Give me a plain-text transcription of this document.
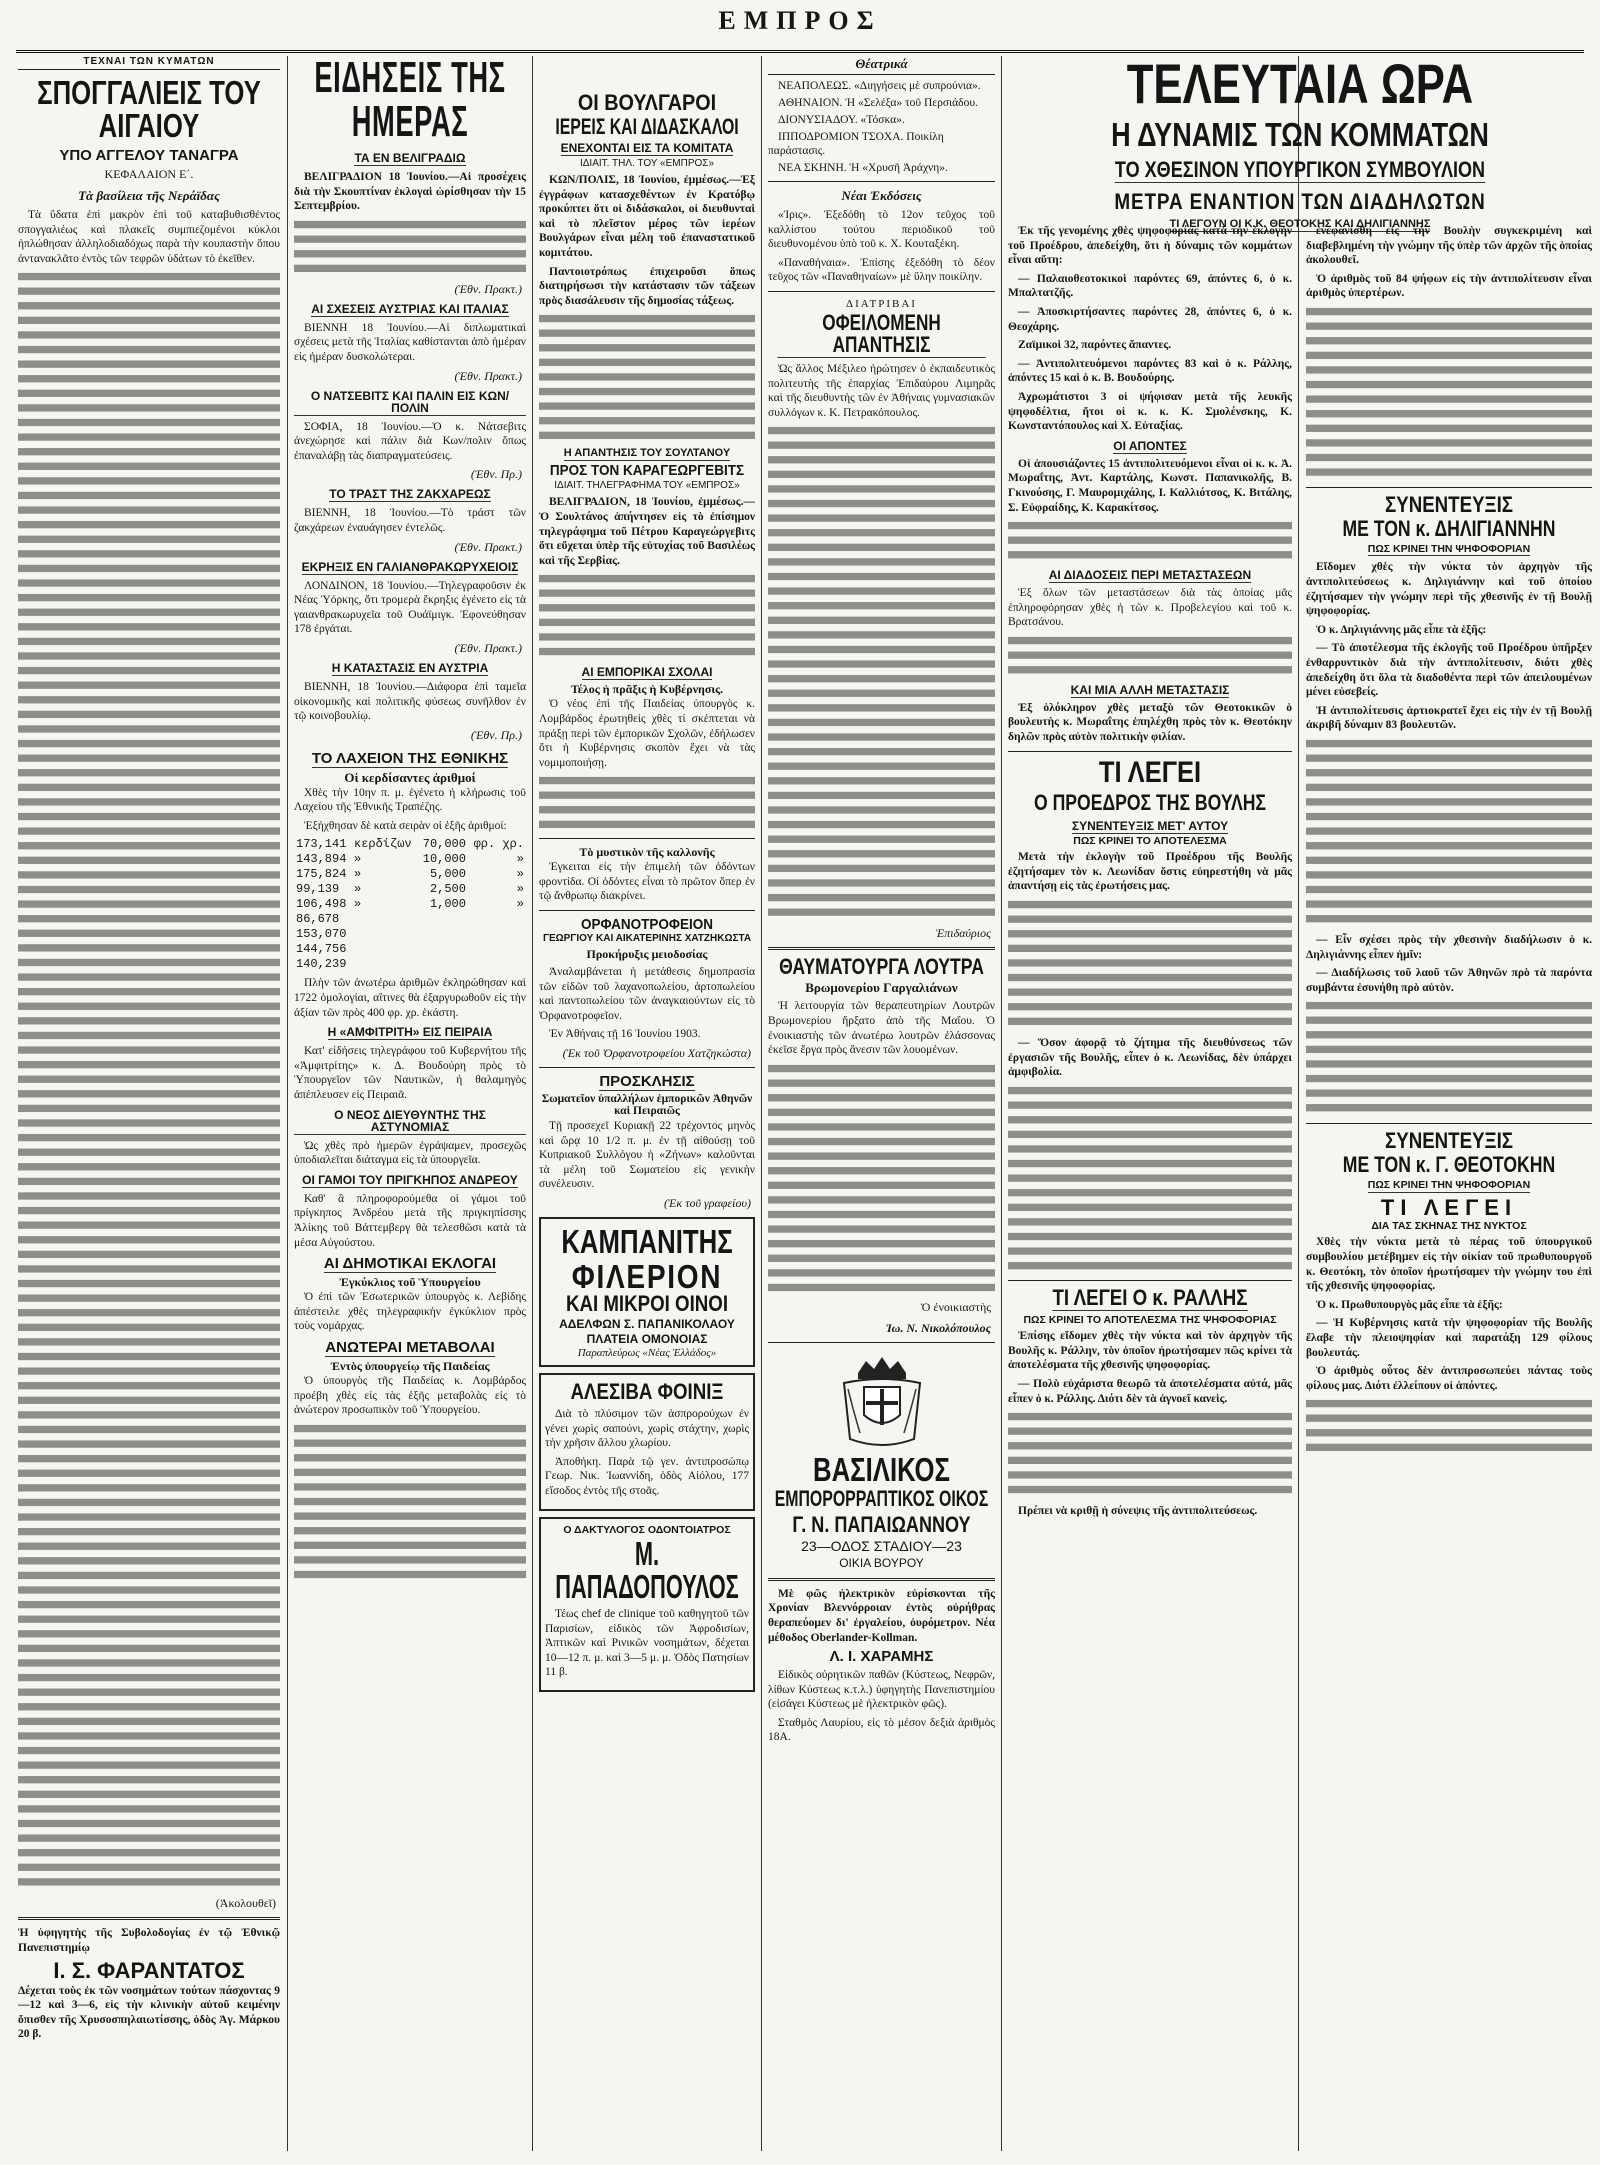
ΕΜΠΡΟΣ
ΤΕΧΝΑΙ ΤΩΝ ΚΥΜΑΤΩΝ
ΣΠΟΓΓΑΛΙΕΙΣ ΤΟΥ ΑΙΓΑΙΟΥ
ΥΠΟ ΑΓΓΕΛΟΥ ΤΑΝΑΓΡΑ
ΚΕΦΑΛΑΙΟΝ Ε΄.
Τὰ βασίλεια τῆς Νεράϊδας

Τὰ ὕδατα ἐπὶ μακρὸν ἐπὶ τοῦ καταβυθισθέντος σπογγαλιέως καὶ πλακεῖς συμπιεζομένοι κύκλοι ἠπλώθησαν ἀλληλοδιαδόχως παρὰ τὴν κουπαστὴν ὅπου ἀντανακλᾶτο ἐντὸς τῶν τεφρῶν ὑδάτων τὸ ἐκεῖθεν.

(Ἀκολουθεῖ)

Ἡ ὑφηγητὴς τῆς Συβολοδογίας ἐν τῷ Ἐθνικῷ Πανεπιστημίῳ

Ι. Σ. ΦΑΡΑΝΤΑΤΟΣ

Δέχεται τοὺς ἐκ τῶν νοσημάτων τούτων πάσχοντας 9—12 καὶ 3—6, εἰς τὴν κλινικὴν αὐτοῦ κειμένην ὄπισθεν τῆς Χρυσοσπηλαιωτίσσης, ὁδὸς Ἁγ. Μάρκου 20 β.

ΕΙΔΗΣΕΙΣ ΤΗΣ ΗΜΕΡΑΣ
ΤΑ ΕΝ ΒΕΛΙΓΡΑΔΙΩ

ΒΕΛΙΓΡΑΔΙΟΝ 18 Ἰουνίου.—Αἱ προσέχεις διὰ τὴν Σκουπτίναν ἐκλογαὶ ὡρίσθησαν τὴν 15 Σεπτεμβρίου.

(Ἐθν. Πρακτ.)
ΑΙ ΣΧΕΣΕΙΣ ΑΥΣΤΡΙΑΣ ΚΑΙ ΙΤΑΛΙΑΣ

ΒΙΕΝΝΗ 18 Ἰουνίου.—Αἱ διπλωματικαὶ σχέσεις μετὰ τῆς Ἰταλίας καθίστανται ἀπὸ ἡμέραν εἰς ἡμέραν δυσκολώτεραι.

(Ἐθν. Πρακτ.)
Ο ΝΑΤΣΕΒΙΤΣ ΚΑΙ ΠΑΛΙΝ ΕΙΣ ΚΩΝ/ΠΟΛΙΝ

ΣΟΦΙΑ, 18 Ἰουνίου.—Ὁ κ. Νάτσεβιτς ἀνεχώρησε καὶ πάλιν διὰ Κων/πολιν ὅπως ἐπαναλάβῃ τὰς διαπραγματεύσεις.

(Ἐθν. Πρ.)
ΤΟ ΤΡΑΣΤ ΤΗΣ ΖΑΚΧΑΡΕΩΣ

ΒΙΕΝΝΗ, 18 Ἰουνίου.—Τὸ τράστ τῶν ζακχάρεων ἐναυάγησεν ἐντελῶς.

(Ἐθν. Πρακτ.)
ΕΚΡΗΞΙΣ ΕΝ ΓΑΛΙΑΝΘΡΑΚΩΡΥΧΕΙΟΙΣ

ΛΟΝΔΙΝΟΝ, 18 Ἰουνίου.—Τηλεγραφοῦσιν ἐκ Νέας Ὑόρκης, ὅτι τρομερὰ ἔκρηξις ἐγένετο εἰς τὰ γαιανθρακωρυχεῖα τοῦ Ουάϊμιγκ. Ἐφονεύθησαν 178 ἐργάται.

(Ἐθν. Πρακτ.)
Η ΚΑΤΑΣΤΑΣΙΣ ΕΝ ΑΥΣΤΡΙΑ

ΒΙΕΝΝΗ, 18 Ἰουνίου.—Διάφορα ἐπὶ ταμεῖα οἰκονομικῆς καὶ πολιτικῆς φύσεως συνῆλθον ἐν τῷ κοινοβουλίῳ.

(Ἐθν. Πρ.)
ΤΟ ΛΑΧΕΙΟΝ ΤΗΣ ΕΘΝΙΚΗΣ
Οἱ κερδίσαντες ἀριθμοί

Χθὲς τὴν 10ην π. μ. ἐγένετο ἡ κλήρωσις τοῦ Λαχείου τῆς Ἐθνικῆς Τραπέζης.

Ἐξήχθησαν δὲ κατὰ σειρὰν οἱ ἑξῆς ἀριθμοί:

173,141	κερδίζων	70,000	φρ. χρ.
143,894	»	10,000	»
175,824	»	5,000	»
99,139	»	2,500	»
106,498	»	1,000	»
86,678			
153,070			
144,756			
140,239			

Πλὴν τῶν ἀνωτέρω ἀριθμῶν ἐκληρώθησαν καὶ 1722 ὁμολογίαι, αἵτινες θὰ ἐξαργυρωθοῦν εἰς τὴν ἀξίαν τῶν πρὸς 400 φρ. χρ. ἑκάστη.

Η «ΑΜΦΙΤΡΙΤΗ» ΕΙΣ ΠΕΙΡΑΙΑ

Κατ' εἰδήσεις τηλεγράφου τοῦ Κυβερνήτου τῆς «Ἀμφιτρίτης» κ. Δ. Βουδούρη πρὸς τὸ Ὑπουργεῖον τῶν Ναυτικῶν, ἡ θαλαμηγὸς ἀπέπλευσεν εἰς Πειραιᾶ.

Ο ΝΕΟΣ ΔΙΕΥΘΥΝΤΗΣ ΤΗΣ ΑΣΤΥΝΟΜΙΑΣ

Ὡς χθὲς πρὸ ἡμερῶν ἐγράψαμεν, προσεχῶς ὑποδιαλεῖται διάταγμα εἰς τὰ ὑπουργεῖα.

ΟΙ ΓΑΜΟΙ ΤΟΥ ΠΡΙΓΚΗΠΟΣ ΑΝΔΡΕΟΥ

Καθ' ἃ πληροφορούμεθα οἱ γάμοι τοῦ πρίγκηπος Ἀνδρέου μετὰ τῆς πριγκηπίσσης Ἀλίκης τοῦ Βάττεμβεργ θὰ τελεσθῶσι κατὰ τὰ μέσα Αὐγούστου.

ΑΙ ΔΗΜΟΤΙΚΑΙ ΕΚΛΟΓΑΙ
Ἐγκύκλιος τοῦ Ὑπουργείου

Ὁ ἐπὶ τῶν Ἐσωτερικῶν ὑπουργὸς κ. Λεβίδης ἀπέστειλε χθὲς τηλεγραφικὴν ἐγκύκλιον πρὸς τοὺς νομάρχας.

ΑΝΩΤΕΡΑΙ ΜΕΤΑΒΟΛΑΙ
Ἐντὸς ὑπουργείῳ τῆς Παιδείας

Ὁ ὑπουργὸς τῆς Παιδείας κ. Λομβάρδος προέβη χθὲς εἰς τὰς ἑξῆς μεταβολὰς εἰς τὸ ἀνώτερον προσωπικὸν τοῦ Ὑπουργείου.

ΟΙ ΒΟΥΛΓΑΡΟΙ
ΙΕΡΕΙΣ ΚΑΙ ΔΙΔΑΣΚΑΛΟΙ
ΕΝΕΧΟΝΤΑΙ ΕΙΣ ΤΑ ΚΟΜΙΤΑΤΑ
ΙΔΙΑΙΤ. ΤΗΛ. ΤΟΥ «ΕΜΠΡΟΣ»

ΚΩΝ/ΠΟΛΙΣ, 18 Ἰουνίου, ἐμμέσως.—Ἐξ ἐγγράφων κατασχεθέντων ἐν Κρατόβῳ προκύπτει ὅτι οἱ διδάσκαλοι, οἱ διευθυνταὶ καὶ τὸ πλεῖστον μέρος τῶν ἱερέων Βουλγάρων εἶναι μέλη τοῦ ἐπαναστατικοῦ κομιτάτου.

Παντοιοτρόπως ἐπιχειροῦσι ὅπως διατηρήσωσι τὴν κατάστασιν τῶν τάξεων πρὸς διασάλευσιν τῆς δημοσίας τάξεως.

Η ΑΠΑΝΤΗΣΙΣ ΤΟΥ ΣΟΥΛΤΑΝΟΥ
ΠΡΟΣ ΤΟΝ ΚΑΡΑΓΕΩΡΓΕΒΙΤΣ
ΙΔΙΑΙΤ. ΤΗΛΕΓΡΑΦΗΜΑ ΤΟΥ «ΕΜΠΡΟΣ»

ΒΕΛΙΓΡΑΔΙΟΝ, 18 Ἰουνίου, ἐμμέσως.—Ὁ Σουλτάνος ἀπήντησεν εἰς τὸ ἐπίσημον τηλεγράφημα τοῦ Πέτρου Καραγεώργεβιτς ὅτι εὔχεται ὑπὲρ τῆς εὐτυχίας τοῦ Βασιλέως καὶ τῆς Σερβίας.

ΑΙ ΕΜΠΟΡΙΚΑΙ ΣΧΟΛΑΙ
Τέλος ἡ πρᾶξις ἡ Κυβέρνησις.

Ὁ νέος ἐπὶ τῆς Παιδείας ὑπουργὸς κ. Λομβάρδος ἐρωτηθεὶς χθὲς τί σκέπτεται νὰ πράξῃ περὶ τῶν ἐμπορικῶν Σχολῶν, ἐδήλωσεν ὅτι ἡ Κυβέρνησις σκοπὸν ἔχει νὰ τὰς νομιμοποιήσῃ.

Τὸ μυστικὸν τῆς καλλονῆς

Ἐγκειται εἰς τὴν ἐπιμελὴ τῶν ὀδόντων φροντίδα. Οἱ ὀδόντες εἶναι τὸ πρῶτον ὅπερ ἐν τῷ ἄνθρωπῳ διακρίνει.

ΟΡΦΑΝΟΤΡΟΦΕΙΟΝ
ΓΕΩΡΓΙΟΥ ΚΑΙ ΑΙΚΑΤΕΡΙΝΗΣ ΧΑΤΖΗΚΩΣΤΑ
Προκήρυξις μειοδοσίας

Ἀναλαμβάνεται ἡ μετάθεσις δημοπρασία τῶν εἰδῶν τοῦ λαχανοπωλείου, ἀρτοπωλείου καὶ παντοπωλείου τῶν ἀναγκαιούντων εἰς τὸ Ὀρφανοτροφεῖον.

Ἐν Ἀθήναις τῇ 16 Ἰουνίου 1903.

(Ἐκ τοῦ Ὀρφανοτροφείου Χατζηκώστα)
ΠΡΟΣΚΛΗΣΙΣ
Σωματεῖον ὑπαλλήλων ἐμπορικῶν Ἀθηνῶν καὶ Πειραιῶς

Τῇ προσεχεῖ Κυριακῇ 22 τρέχοντος μηνὸς καὶ ὥρᾳ 10 1/2 π. μ. ἐν τῇ αἰθούσῃ τοῦ Κυπριακοῦ Συλλόγου ἡ «Ζήνων» καλοῦνται τὰ μέλη τοῦ Σωματείου εἰς γενικὴν συνέλευσιν.

(Ἐκ τοῦ γραφείου)
ΚΑΜΠΑΝΙΤΗΣ
ΦΙΛΕΡΙΟΝ
ΚΑΙ ΜΙΚΡΟΙ ΟΙΝΟΙ
ΑΔΕΛΦΩΝ Σ. ΠΑΠΑΝΙΚΟΛΑΟΥ
ΠΛΑΤΕΙΑ ΟΜΟΝΟΙΑΣ
Παραπλεύρως «Νέας Ἑλλάδος»
ΑΛΕΣΙΒΑ ΦΟΙΝΙΞ

Διὰ τὸ πλύσιμον τῶν ἀσπρορούχων ἐν γένει χωρὶς σαπούνι, χωρὶς στάχτην, χωρὶς τὴν χρῆσιν ἄλλου χλωρίου.

Ἀποθήκη. Παρὰ τῷ γεν. ἀντιπροσώπῳ Γεωρ. Νικ. Ἰωαννίδη, ὁδὸς Αἰόλου, 177 εἴσοδος ἐντὸς τῆς στοᾶς.

Ο ΔΑΚΤΥΛΟΓΟΣ ΟΔΟΝΤΟΙΑΤΡΟΣ
Μ. ΠΑΠΑΔΟΠΟΥΛΟΣ

Τέως chef de clinique τοῦ καθηγητοῦ τῶν Παρισίων, εἰδικὸς τῶν Ἀφροδισίων, Ἀπτικῶν καὶ Ρινικῶν νοσημάτων, δέχεται 10—12 π. μ. καὶ 3—5 μ. μ. Ὁδὸς Πατησίων 11 β.

Θέατρικά

ΝΕΑΠΟΛΕΩΣ. «Διηγήσεις μὲ συπρούνια».

ΑΘΗΝΑΙΟΝ. Ἡ «Σελέξα» τοῦ Περσιάδου.

ΔΙΟΝΥΣΙΑΔΟΥ. «Τόσκα».

ΙΠΠΟΔΡΟΜΙΟΝ ΤΣΟΧΑ. Ποικίλη παράστασις.

ΝΕΑ ΣΚΗΝΗ. Ἡ «Χρυσῆ Ἀράχνη».

Νέαι Ἐκδόσεις

«Ἰρις». Ἐξεδόθη τὸ 12ον τεῦχος τοῦ καλλίστου τούτου περιοδικοῦ τοῦ διευθυνομένου ὑπὸ τοῦ κ. Χ. Κουταξέκη.

«Παναθήναια». Ἐπίσης ἐξεδόθη τὸ δέον τεῦχος τῶν «Παναθηναίων» μὲ ὕλην ποικίλην.

ΔΙΑΤΡΙΒΑΙ
ΟΦΕΙΛΟΜΕΝΗ ΑΠΑΝΤΗΣΙΣ

Ὡς ἄλλος Μέξιλεο ἠρώτησεν ὁ ἐκπαιδευτικὸς πολιτευτὴς τῆς ἐπαρχίας Ἐπιδαύρου Λιμηρᾶς καὶ τῆς διευθυντὴς τῶν ἐν Ἀθήναις γυμνασιακῶν συλλόγων κ. Κ. Πετρακόπουλος.

Ἐπιδαύριος
ΘΑΥΜΑΤΟΥΡΓΑ ΛΟΥΤΡΑ
Βρωμονερίου Γαργαλιάνων

Ἡ λειτουργία τῶν θεραπευτηρίων Λουτρῶν Βρωμονερίου ἤρξατο ἀπὸ τῆς Μαΐου. Ὁ ἐνοικιαστὴς τῶν ἀνωτέρω λουτρῶν ἐλάσσονας ἐκεῖσε ἔργα πρὸς ἄνεσιν τῶν λουομένων.

Ὁ ἐνοικιαστὴς
Ἰω. Ν. Νικολόπουλος
ΒΑΣΙΛΙΚΟΣ
ΕΜΠΟΡΟΡΡΑΠΤΙΚΟΣ ΟΙΚΟΣ
Γ. Ν. ΠΑΠΑΙΩΑΝΝΟΥ
23—ΟΔΟΣ ΣΤΑΔΙΟΥ—23
ΟΙΚΙΑ ΒΟΥΡΟΥ

Μὲ φῶς ἠλεκτρικὸν εὑρίσκονται τῆς Χρονίαν Βλεννόρροιαν ἐντὸς οὐρήθρας θεραπεύομεν δι' ἐργαλείου, ὀυρόμετρον. Νέα μέθοδος Oberlander-Kollman.

Λ. Ι. ΧΑΡΑΜΗΣ

Εἰδικὸς οὐρητικῶν παθῶν (Κύστεως, Νεφρῶν, λίθων Κύστεως κ.τ.λ.) ὑφηγητὴς Πανεπιστημίου (εἰσάγει Κύστεως μὲ ἠλεκτρικὸν φῶς).

Σταθμὸς Λαυρίου, εἰς τὸ μέσον δεξιὰ ἀριθμὸς 18Α.

ΤΕΛΕΥΤΑΙΑ ΩΡΑ
Η ΔΥΝΑΜΙΣ ΤΩΝ ΚΟΜΜΑΤΩΝ
ΤΟ ΧΘΕΣΙΝΟΝ ΥΠΟΥΡΓΙΚΟΝ ΣΥΜΒΟΥΛΙΟΝ
ΜΕΤΡΑ ΕΝΑΝΤΙΟΝ ΤΩΝ ΔΙΑΔΗΛΩΤΩΝ
ΤΙ ΛΕΓΟΥΝ ΟΙ Κ.Κ. ΘΕΟΤΟΚΗΣ ΚΑΙ ΔΗΛΙΓΙΑΝΝΗΣ

Ἐκ τῆς γενομένης χθὲς ψηφοφορίας κατὰ τὴν ἐκλογὴν τοῦ Προέδρου, ἀπεδείχθη, ὅτι ἡ δύναμις τῶν κομμάτων εἶναι αὕτη:

— Παλαιοθεοτοκικοὶ παρόντες 69, ἀπόντες 6, ὁ κ. Μπαλτατζῆς.

— Ἀποσκιρτήσαντες παρόντες 28, ἀπόντες 6, ὁ κ. Θεοχάρης.

Ζαϊμικοὶ 32, παρόντες ἅπαντες.

— Ἀντιπολιτευόμενοι παρόντες 83 καὶ ὁ κ. Ράλλης, ἀπόντες 15 καὶ ὁ κ. Β. Βουδούρης.

Ἀχρωμάτιστοι 3 οἱ ψήφισαν μετὰ τῆς λευκῆς ψηφοδέλτια, ἤτοι οἱ κ. κ. Κ. Σμολένσκης, Κ. Κωνσταντόπουλος καὶ Χ. Εὐταξίας.

ΟΙ ΑΠΟΝΤΕΣ

Οἱ ἀπουσιάζοντες 15 ἀντιπολιτευόμενοι εἶναι οἱ κ. κ. Ἀ. Μωραΐτης, Ἀντ. Καρτάλης, Κωνστ. Παπανικολῆς, Β. Γκινούσης, Γ. Μαυρομιχάλης, Ι. Καλλιότσος, Κ. Βιτάλης, Σ. Εὐφραίδης, Κ. Καρακίτσος.

ΑΙ ΔΙΑΔΟΣΕΙΣ ΠΕΡΙ ΜΕΤΑΣΤΑΣΕΩΝ

Ἐξ ὅλων τῶν μεταστάσεων διὰ τὰς ὁποίας μᾶς ἐπληροφόρησαν χθὲς ἡ τῶν κ. Προβελεγίου καὶ τοῦ κ. Βρατσάνου.

ΚΑΙ ΜΙΑ ΑΛΛΗ ΜΕΤΑΣΤΑΣΙΣ

Ἐξ ὁλόκληρον χθὲς μεταξὺ τῶν Θεοτοκικῶν ὁ βουλευτὴς κ. Μωραΐτης ἐπηλέχθη πρὸς τὸν κ. Θεοτόκην δηλῶν πρὸς αὐτὸν πολιτικὴν φιλίαν.

ΤΙ ΛΕΓΕΙ
Ο ΠΡΟΕΔΡΟΣ ΤΗΣ ΒΟΥΛΗΣ
ΣΥΝΕΝΤΕΥΞΙΣ ΜΕΤ' ΑΥΤΟΥ
ΠΩΣ ΚΡΙΝΕΙ ΤΟ ΑΠΟΤΕΛΕΣΜΑ

Μετὰ τὴν ἐκλογὴν τοῦ Προέδρου τῆς Βουλῆς ἐζητήσαμεν τὸν κ. Λεωνίδαν ὅστις εὐηρεστήθη νὰ μᾶς ἀπαντήσῃ εἰς τὰς ἐρωτήσεις μας.

— Ὅσον ἀφορᾷ τὸ ζήτημα τῆς διευθύνσεως τῶν ἐργασιῶν τῆς Βουλῆς, εἶπεν ὁ κ. Λεωνίδας, δὲν ὑπάρχει ἀμφιβολία.

ΤΙ ΛΕΓΕΙ Ο κ. ΡΑΛΛΗΣ
ΠΩΣ ΚΡΙΝΕΙ ΤΟ ΑΠΟΤΕΛΕΣΜΑ ΤΗΣ ΨΗΦΟΦΟΡΙΑΣ

Ἐπίσης εἴδομεν χθὲς τὴν νύκτα καὶ τὸν ἀρχηγὸν τῆς Βουλῆς κ. Ράλλην, τὸν ὁποῖον ἠρωτήσαμεν πῶς κρίνει τὰ ἀποτελέσματα τῆς χθεσινῆς ψηφοφορίας.

— Πολὺ εὐχάριστα θεωρῶ τὰ ἀποτελέσματα αὐτά, μᾶς εἶπεν ὁ κ. Ράλλης. Διότι δὲν τὰ ἀγνοεῖ κανεὶς.

Πρέπει νὰ κριθῇ ἡ σύνεψις τῆς ἀντιπολιτεύσεως.

ἐνεφανίσθη εἰς τὴν Βουλὴν συγκεκριμένη καὶ διαβεβλημένη τὴν γνώμην τῆς ὑπὲρ τῶν ἀρχῶν τῆς ὁποίας ἀκολουθεῖ.

Ὁ ἀριθμὸς τοῦ 84 ψήφων εἰς τὴν ἀντιπολίτευσιν εἶναι ἀριθμὸς ὑπερτέρων.

ΣΥΝΕΝΤΕΥΞΙΣ
ΜΕ ΤΟΝ κ. ΔΗΛΙΓΙΑΝΝΗΝ
ΠΩΣ ΚΡΙΝΕΙ ΤΗΝ ΨΗΦΟΦΟΡΙΑΝ

Εἴδομεν χθὲς τὴν νύκτα τὸν ἀρχηγὸν τῆς ἀντιπολιτεύσεως κ. Δηλιγιάννην καὶ τοῦ ὁποίου ἐζητήσαμεν τὴν γνώμην περὶ τῆς χθεσινῆς ἐν τῇ Βουλῇ ψηφοφορίας.

Ὁ κ. Δηλιγιάννης μᾶς εἶπε τὰ ἑξῆς:

— Τὸ ἀποτέλεσμα τῆς ἐκλογῆς τοῦ Προέδρου ὑπῆρξεν ἐνθαρρυντικὸν διὰ τὴν ἀντιπολίτευσιν, διότι χθὲς ἀπεδείχθη ὅτι ὅλα τὰ διαδοθέντα περὶ τῶν ἀπειλουμένων μένει εὐσεβείς.

Ἡ ἀντιπολίτευσις ἀρτιοκρατεῖ ἔχει εἰς τὴν ἐν τῇ Βουλῇ ἀκριβῆ δύναμιν 83 βουλευτῶν.

— Εἶν σχέσει πρὸς τὴν χθεσινὴν διαδήλωσιν ὁ κ. Δηλιγιάννης εἶπεν ἡμῖν:

— Διαδήλωσις τοῦ λαοῦ τῶν Ἀθηνῶν πρὸ τὰ παρόντα συμβάντα ἐσυνήθη πρὸ αὐτὸν.

ΣΥΝΕΝΤΕΥΞΙΣ
ΜΕ ΤΟΝ κ. Γ. ΘΕΟΤΟΚΗΝ
ΠΩΣ ΚΡΙΝΕΙ ΤΗΝ ΨΗΦΟΦΟΡΙΑΝ
ΤΙ ΛΕΓΕΙ
ΔΙΑ ΤΑΣ ΣΚΗΝΑΣ ΤΗΣ ΝΥΚΤΟΣ

Χθὲς τὴν νύκτα μετὰ τὸ πέρας τοῦ ὑπουργικοῦ συμβουλίου μετέβημεν εἰς τὴν οἰκίαν τοῦ πρωθυπουργοῦ κ. Θεοτόκη, τὸν ὁποῖον ἠρωτήσαμεν τὴν γνώμην του ἐπὶ τῆς χθεσινῆς ψηφοφορίας.

Ὁ κ. Πρωθυπουργὸς μᾶς εἶπε τὰ ἑξῆς:

— Ἡ Κυβέρνησις κατὰ τὴν ψηφοφορίαν τῆς Βουλῆς ἔλαβε τὴν πλειοψηφίαν καὶ παρατάξη 129 φίλους βουλευτάς.

Ὁ ἀριθμὸς οὗτος δὲν ἀντιπροσωπεύει πάντας τοὺς φίλους μας. Διότι ἐλλείπουν οἱ ἀπόντες.
